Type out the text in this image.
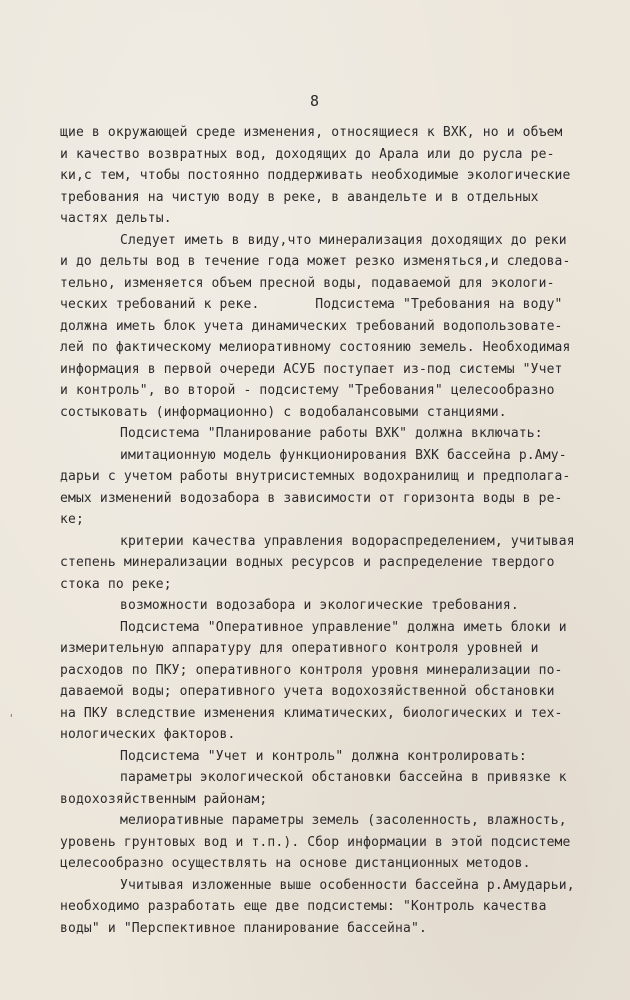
8
щие в окружающей среде изменения, относящиеся к ВХК, но и объем
и качество возвратных вод, доходящих до Арала или до русла ре-
ки,с тем, чтобы постоянно поддерживать необходимые экологические
требования на чистую воду в реке, в авандельте и в отдельных
частях дельты.
Следует иметь в виду,что минерализация доходящих до реки
и до дельты вод в течение года может резко изменяться,и следова-
тельно, изменяется объем пресной воды, подаваемой для экологи-
ческих требований к реке.       Подсистема "Требования на воду"
должна иметь блок учета динамических требований водопользовате-
лей по фактическому мелиоративному состоянию земель. Необходимая
информация в первой очереди АСУБ поступает из-под системы "Учет
и контроль", во второй - подсистему "Требования" целесообразно
состыковать (информационно) с водобалансовыми станциями.
Подсистема "Планирование работы ВХК" должна включать:
имитационную модель функционирования ВХК бассейна р.Аму-
дарьи с учетом работы внутрисистемных водохранилищ и предполага-
емых изменений водозабора в зависимости от горизонта воды в ре-
ке;
критерии качества управления водораспределением, учитывая
степень минерализации водных ресурсов и распределение твердого
стока по реке;
возможности водозабора и экологические требования.
Подсистема "Оперативное управление" должна иметь блоки и
измерительную аппаратуру для оперативного контроля уровней и
расходов по ПКУ; оперативного контроля уровня минерализации по-
даваемой воды; оперативного учета водохозяйственной обстановки
на ПКУ вследствие изменения климатических, биологических и тех-
нологических факторов.
Подсистема "Учет и контроль" должна контролировать:
параметры экологической обстановки бассейна в привязке к
водохозяйственным районам;
мелиоративные параметры земель (засоленность, влажность,
уровень грунтовых вод и т.п.). Сбор информации в этой подсистеме
целесообразно осуществлять на основе дистанционных методов.
Учитывая изложенные выше особенности бассейна р.Амударьи,
необходимо разработать еще две подсистемы: "Контроль качества
воды" и "Перспективное планирование бассейна".
'
